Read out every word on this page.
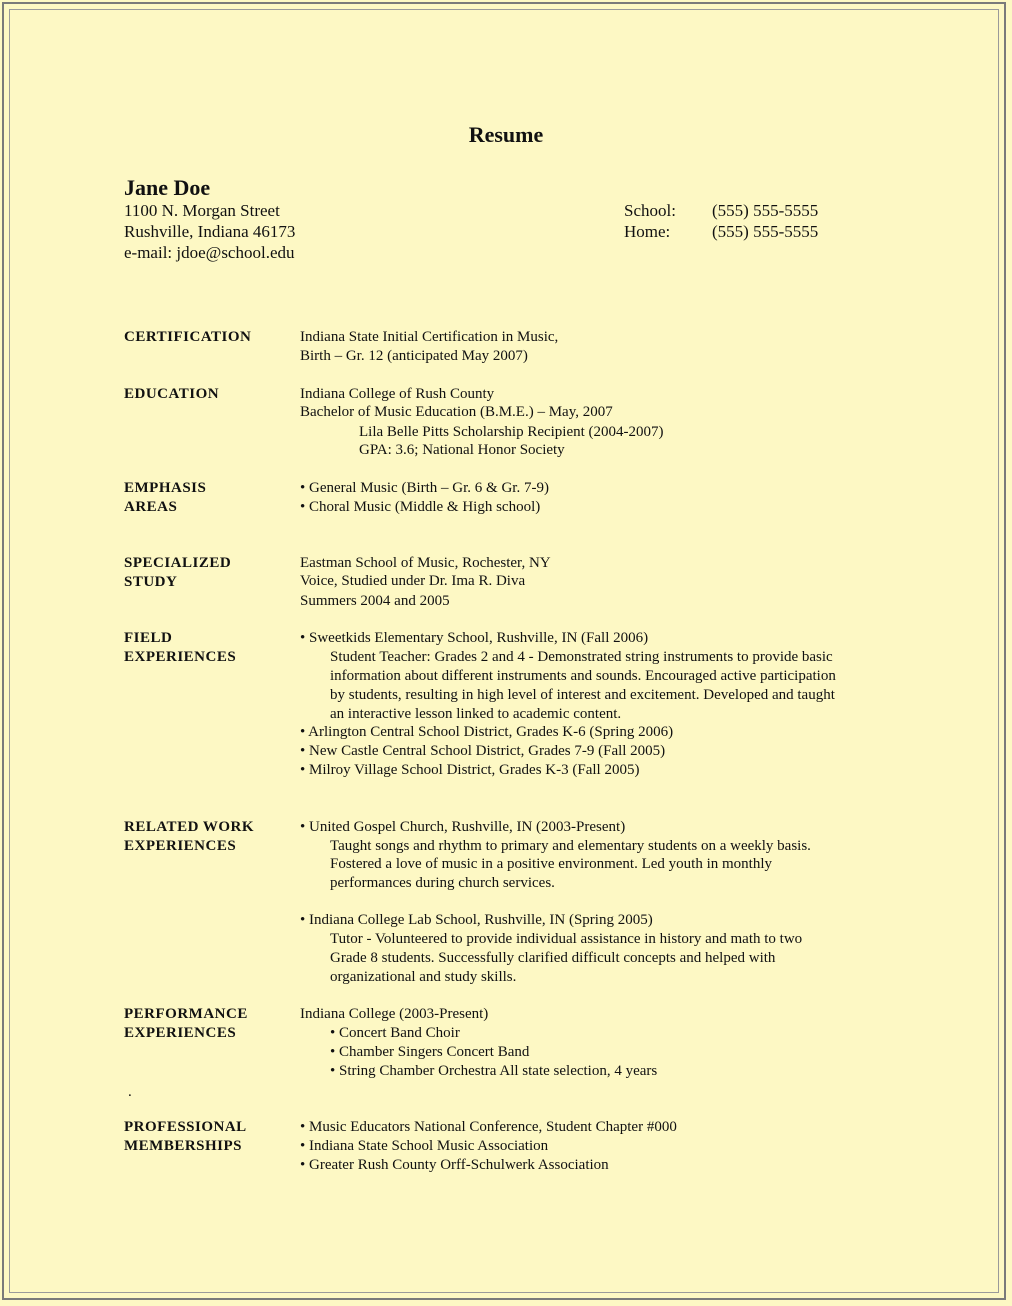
Resume
Jane Doe
1100 N. Morgan Street
Rushville, Indiana 46173
e-mail: jdoe@school.edu
School: (555) 555-5555
Home: (555) 555-5555
CERTIFICATION	Indiana State Initial Certification in Music,
Birth – Gr. 12 (anticipated May 2007)
EDUCATION	Indiana College of Rush County
Bachelor of Music Education (B.M.E.) – May, 2007
Lila Belle Pitts Scholarship Recipient (2004-2007)
GPA: 3.6; National Honor Society
EMPHASIS
AREAS
• General Music (Birth – Gr. 6 & Gr. 7-9)
• Choral Music (Middle & High school)
SPECIALIZED
STUDY
Eastman School of Music, Rochester, NY
Voice, Studied under Dr. Ima R. Diva
Summers 2004 and 2005
FIELD
EXPERIENCES
• Sweetkids Elementary School, Rushville, IN (Fall 2006)
Student Teacher: Grades 2 and 4 - Demonstrated string instruments to provide basic
information about different instruments and sounds. Encouraged active participation
by students, resulting in high level of interest and excitement. Developed and taught
an interactive lesson linked to academic content.
• Arlington Central School District, Grades K-6 (Spring 2006)
• New Castle Central School District, Grades 7-9 (Fall 2005)
• Milroy Village School District, Grades K-3 (Fall 2005)
RELATED WORK
EXPERIENCES
• United Gospel Church, Rushville, IN (2003-Present)
Taught songs and rhythm to primary and elementary students on a weekly basis.
Fostered a love of music in a positive environment. Led youth in monthly
performances during church services.
• Indiana College Lab School, Rushville, IN (Spring 2005)
Tutor - Volunteered to provide individual assistance in history and math to two
Grade 8 students. Successfully clarified difficult concepts and helped with
organizational and study skills.
PERFORMANCE
EXPERIENCES
Indiana College (2003-Present)
• Concert Band Choir
• Chamber Singers Concert Band
• String Chamber Orchestra All state selection, 4 years
.
PROFESSIONAL
MEMBERSHIPS
• Music Educators National Conference, Student Chapter #000
• Indiana State School Music Association
• Greater Rush County Orff-Schulwerk Association
